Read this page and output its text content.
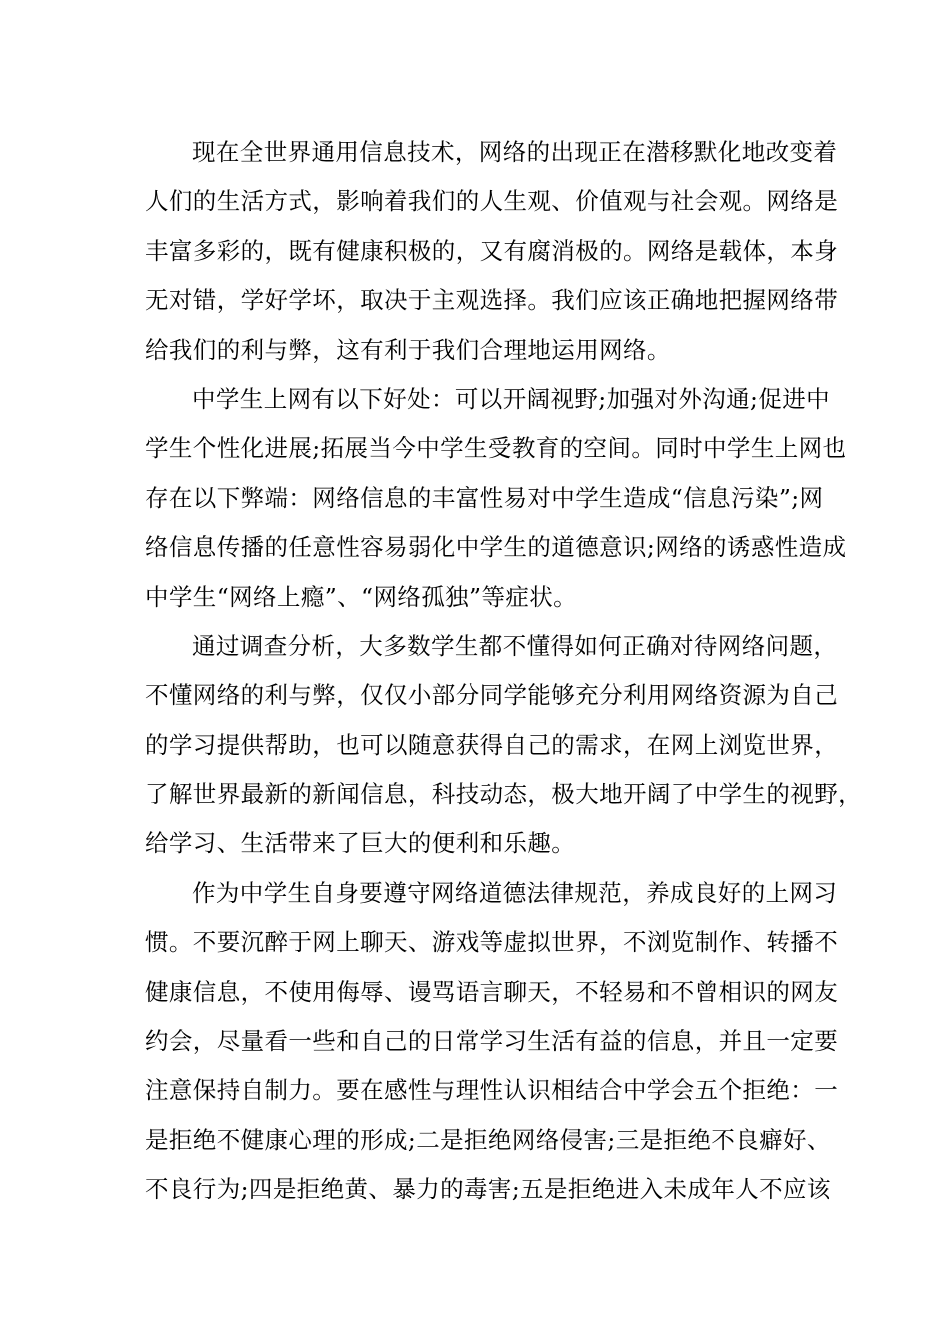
现在全世界通用信息技术，网络的出现正在潜移默化地改变着
人们的生活方式，影响着我们的人生观、价值观与社会观。网络是
丰富多彩的，既有健康积极的，又有腐消极的。网络是载体，本身
无对错，学好学坏，取决于主观选择。我们应该正确地把握网络带
给我们的利与弊，这有利于我们合理地运用网络。
中学生上网有以下好处：可以开阔视野;加强对外沟通;促进中
学生个性化进展;拓展当今中学生受教育的空间。同时中学生上网也
存在以下弊端：网络信息的丰富性易对中学生造成“信息污染”;网
络信息传播的任意性容易弱化中学生的道德意识;网络的诱惑性造成
中学生“网络上瘾”、“网络孤独”等症状。
通过调查分析，大多数学生都不懂得如何正确对待网络问题，
不懂网络的利与弊，仅仅小部分同学能够充分利用网络资源为自己
的学习提供帮助，也可以随意获得自己的需求，在网上浏览世界，
了解世界最新的新闻信息，科技动态，极大地开阔了中学生的视野，
给学习、生活带来了巨大的便利和乐趣。
作为中学生自身要遵守网络道德法律规范，养成良好的上网习
惯。不要沉醉于网上聊天、游戏等虚拟世界，不浏览制作、转播不
健康信息，不使用侮辱、谩骂语言聊天，不轻易和不曾相识的网友
约会，尽量看一些和自己的日常学习生活有益的信息，并且一定要
注意保持自制力。要在感性与理性认识相结合中学会五个拒绝：一
是拒绝不健康心理的形成;二是拒绝网络侵害;三是拒绝不良癖好、
不良行为;四是拒绝黄、暴力的毒害;五是拒绝进入未成年人不应该
